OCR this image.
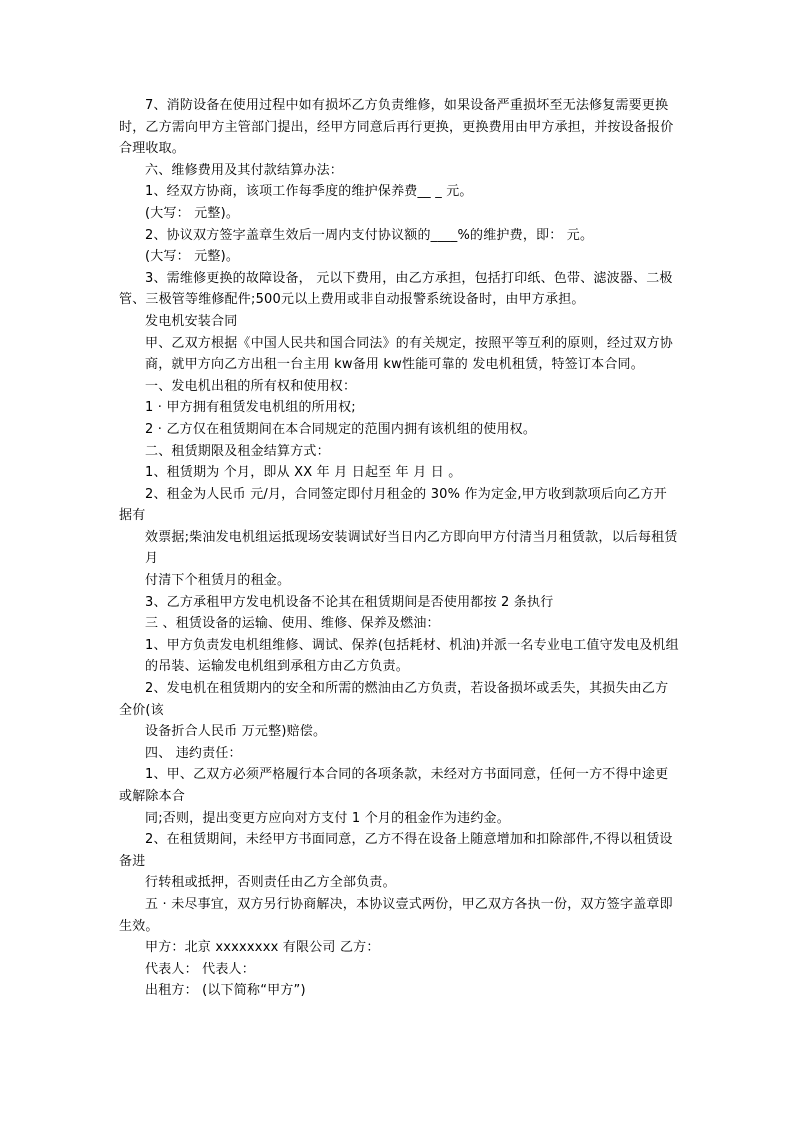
7、消防设备在使用过程中如有损坏乙方负责维修，如果设备严重损坏至无法修复需要更换时，乙方需向甲方主管部门提出，经甲方同意后再行更换，更换费用由甲方承担，并按设备报价合理收取。

六、维修费用及其付款结算办法：

1、经双方协商，该项工作每季度的维护保养费__ _ 元。

(大写： 元整)。

2、协议双方签字盖章生效后一周内支付协议额的____%的维护费，即： 元。

(大写： 元整)。

3、需维修更换的故障设备， 元以下费用，由乙方承担，包括打印纸、色带、滤波器、二极管、三极管等维修配件;500元以上费用或非自动报警系统设备时，由甲方承担。

发电机安装合同

甲、乙双方根据《中国人民共和国合同法》的有关规定，按照平等互利的原则，经过双方协商，就甲方向乙方出租一台主用 kw备用 kw性能可靠的 发电机租赁，特签订本合同。

一、发电机出租的所有权和使用权：

1 · 甲方拥有租赁发电机组的所用权;

2 · 乙方仅在租赁期间在本合同规定的范围内拥有该机组的使用权。

二、租赁期限及租金结算方式：

1、租赁期为 个月，即从 XX 年 月 日起至 年 月 日 。

2、租金为人民币 元/月，合同签定即付月租金的 30% 作为定金,甲方收到款项后向乙方开据有

效票据;柴油发电机组运抵现场安装调试好当日内乙方即向甲方付清当月租赁款，以后每租赁月

付清下个租赁月的租金。

3、乙方承租甲方发电机设备不论其在租赁期间是否使用都按 2 条执行

三 、租赁设备的运输、使用、维修、保养及燃油：

1、甲方负责发电机组维修、调试、保养(包括耗材、机油)并派一名专业电工值守发电及机组

的吊装、运输发电机组到承租方由乙方负责。

2、发电机在租赁期内的安全和所需的燃油由乙方负责，若设备损坏或丢失，其损失由乙方全价(该

设备折合人民币 万元整)赔偿。

四、 违约责任：

1、甲、乙双方必须严格履行本合同的各项条款，未经对方书面同意，任何一方不得中途更或解除本合

同;否则，提出变更方应向对方支付 1 个月的租金作为违约金。

2、在租赁期间，未经甲方书面同意，乙方不得在设备上随意增加和扣除部件,不得以租赁设备进

行转租或抵押，否则责任由乙方全部负责。

五 · 未尽事宜，双方另行协商解决，本协议壹式两份，甲乙双方各执一份，双方签字盖章即生效。

甲方：北京 xxxxxxxx 有限公司 乙方：

代表人： 代表人：

出租方： (以下简称“甲方”)
